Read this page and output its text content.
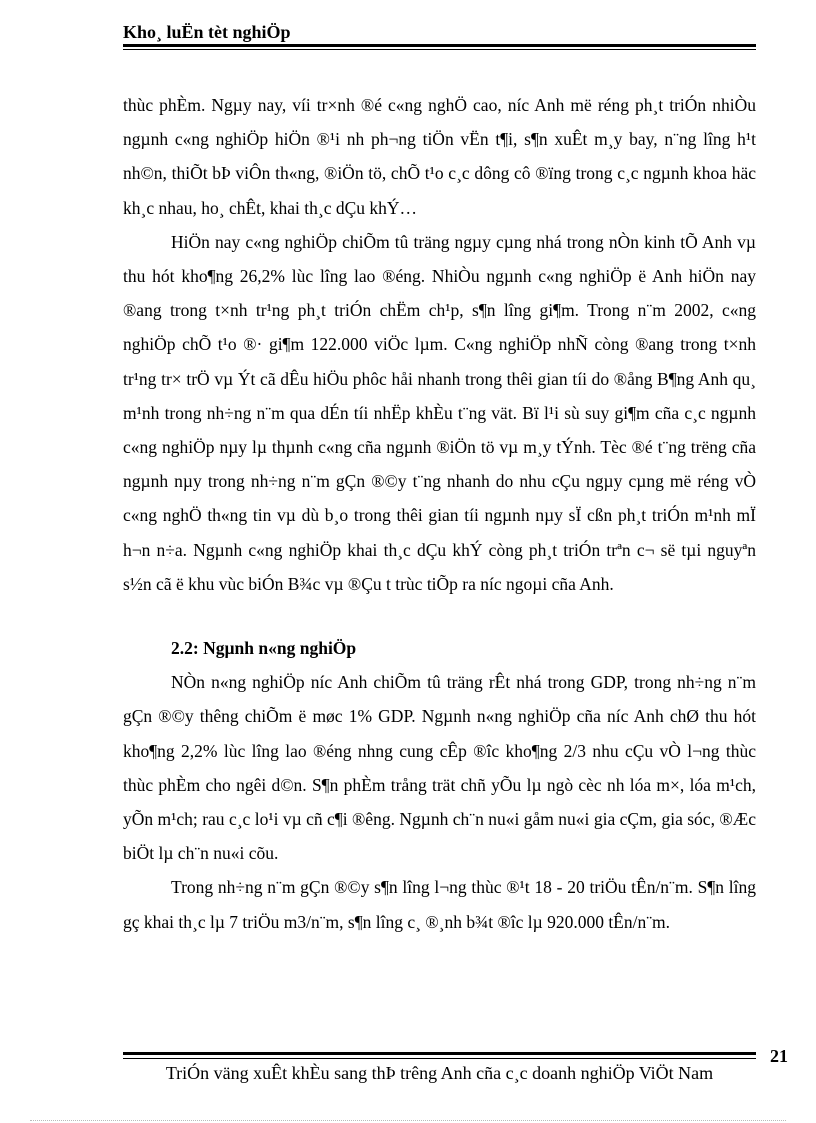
Kho¸ luËn tèt nghiÖp

thùc phÈm. Ngµy nay, víi tr×nh ®é c«ng nghÖ cao, níc Anh më réng ph¸t triÓn nhiÒu ngµnh c«ng nghiÖp hiÖn ®¹i nh ph¬ng tiÖn vËn t¶i, s¶n xuÊt m¸y bay, n¨ng lîng h¹t nh©n, thiÕt bÞ viÔn th«ng, ®iÖn tö, chÕ t¹o c¸c dông cô ®ïng trong c¸c ngµnh khoa häc kh¸c nhau, ho¸ chÊt, khai th¸c dÇu khÝ…

HiÖn nay c«ng nghiÖp chiÕm tû träng ngµy cµng nhá trong nÒn kinh tÕ Anh vµ thu hót kho¶ng 26,2% lùc lîng lao ®éng. NhiÒu ngµnh c«ng nghiÖp ë Anh hiÖn nay ®ang trong t×nh tr¹ng ph¸t triÓn chËm ch¹p, s¶n lîng gi¶m. Trong n¨m 2002, c«ng nghiÖp chÕ t¹o ®· gi¶m 122.000 viÖc lµm. C«ng nghiÖp nhÑ còng ®ang trong t×nh tr¹ng tr× trÖ vµ Ýt cã dÊu hiÖu phôc håi nhanh trong thêi gian tíi do ®ång B¶ng Anh qu¸ m¹nh trong nh÷ng n¨m qua dÉn tíi nhËp khÈu t¨ng vät. Bï l¹i sù suy gi¶m cña c¸c ngµnh c«ng nghiÖp nµy lµ thµnh c«ng cña ngµnh ®iÖn tö vµ m¸y tÝnh. Tèc ®é t¨ng trëng cña ngµnh nµy trong nh÷ng n¨m gÇn ®©y t¨ng nhanh do nhu cÇu ngµy cµng më réng vÒ c«ng nghÖ th«ng tin vµ dù b¸o trong thêi gian tíi ngµnh nµy sÏ cßn ph¸t triÓn m¹nh mÏ h¬n n÷a. Ngµnh c«ng nghiÖp khai th¸c dÇu khÝ còng ph¸t triÓn trªn c¬ së tµi nguyªn s½n cã ë khu vùc biÓn B¾c vµ ®Çu t trùc tiÕp ra níc ngoµi cña Anh.

2.2: Ngµnh n«ng nghiÖp

NÒn n«ng nghiÖp níc Anh chiÕm tû träng rÊt nhá trong GDP, trong nh÷ng n¨m gÇn ®©y thêng chiÕm ë møc 1% GDP. Ngµnh n«ng nghiÖp cña níc Anh chØ thu hót kho¶ng 2,2% lùc lîng lao ®éng nhng cung cÊp ®îc kho¶ng 2/3 nhu cÇu vÒ l¬ng thùc thùc phÈm cho ngêi d©n. S¶n phÈm trång trät chñ yÕu lµ ngò cèc nh lóa m×, lóa m¹ch, yÕn m¹ch; rau c¸c lo¹i vµ cñ c¶i ®êng. Ngµnh ch¨n nu«i gåm nu«i gia cÇm, gia sóc, ®Æc biÖt lµ ch¨n nu«i cõu.

Trong nh÷ng n¨m gÇn ®©y s¶n lîng l¬ng thùc ®¹t 18 - 20 triÖu tÊn/n¨m. S¶n lîng gç khai th¸c lµ 7 triÖu m3/n¨m, s¶n lîng c¸ ®¸nh b¾t ®îc lµ 920.000 tÊn/n¨m.

21
TriÓn väng xuÊt khÈu sang thÞ trêng Anh cña c¸c doanh nghiÖp ViÖt Nam
